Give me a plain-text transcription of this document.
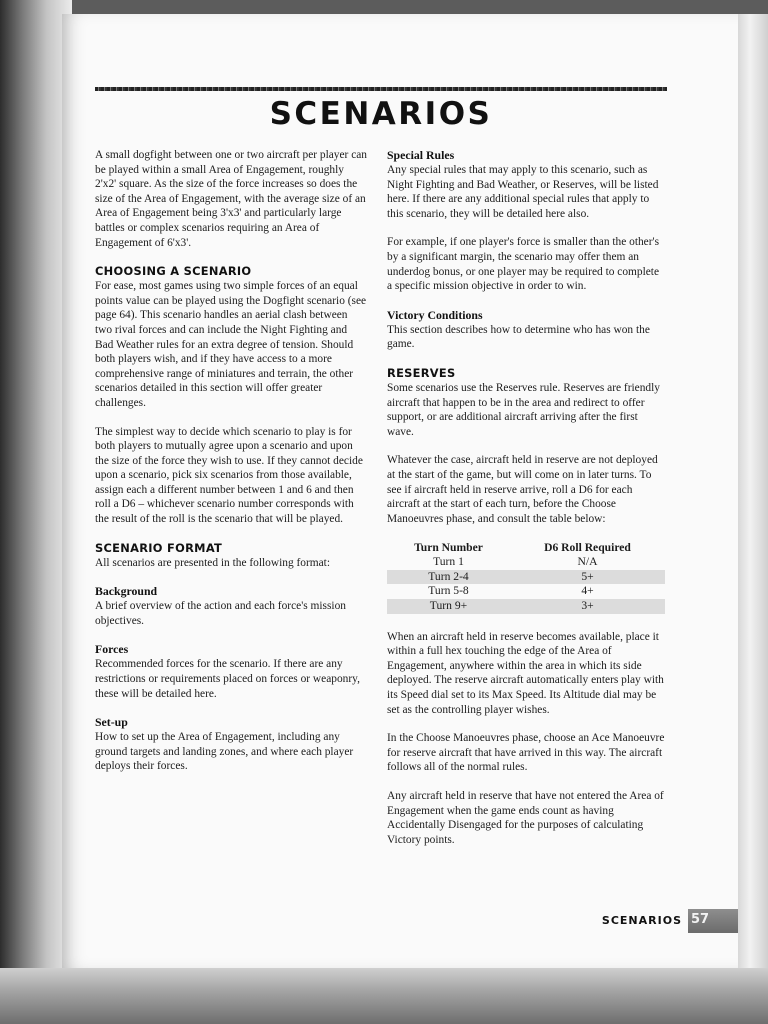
SCENARIOS

A small dogfight between one or two aircraft per player can be played within a small Area of Engagement, roughly 2'x2' square. As the size of the force increases so does the size of the Area of Engagement, with the average size of an Area of Engagement being 3'x3' and particularly large battles or complex scenarios requiring an Area of Engagement of 6'x3'.

CHOOSING A SCENARIO

For ease, most games using two simple forces of an equal points value can be played using the Dogfight scenario (see page 64). This scenario handles an aerial clash between two rival forces and can include the Night Fighting and Bad Weather rules for an extra degree of tension. Should both players wish, and if they have access to a more comprehensive range of miniatures and terrain, the other scenarios detailed in this section will offer greater challenges.

The simplest way to decide which scenario to play is for both players to mutually agree upon a scenario and upon the size of the force they wish to use. If they cannot decide upon a scenario, pick six scenarios from those available, assign each a different number between 1 and 6 and then roll a D6 – whichever scenario number corresponds with the result of the roll is the scenario that will be played.

SCENARIO FORMAT

All scenarios are presented in the following format:

Background

A brief overview of the action and each force's mission objectives.

Forces

Recommended forces for the scenario. If there are any restrictions or requirements placed on forces or weaponry, these will be detailed here.

Set-up

How to set up the Area of Engagement, including any ground targets and landing zones, and where each player deploys their forces.

Special Rules

Any special rules that may apply to this scenario, such as Night Fighting and Bad Weather, or Reserves, will be listed here. If there are any additional special rules that apply to this scenario, they will be detailed here also.

For example, if one player's force is smaller than the other's by a significant margin, the scenario may offer them an underdog bonus, or one player may be required to complete a specific mission objective in order to win.

Victory Conditions

This section describes how to determine who has won the game.

RESERVES

Some scenarios use the Reserves rule. Reserves are friendly aircraft that happen to be in the area and redirect to offer support, or are additional aircraft arriving after the first wave.

Whatever the case, aircraft held in reserve are not deployed at the start of the game, but will come on in later turns. To see if aircraft held in reserve arrive, roll a D6 for each aircraft at the start of each turn, before the Choose Manoeuvres phase, and consult the table below:

Turn Number	D6 Roll Required
Turn 1	N/A
Turn 2-4	5+
Turn 5-8	4+
Turn 9+	3+

When an aircraft held in reserve becomes available, place it within a full hex touching the edge of the Area of Engagement, anywhere within the area in which its side deployed. The reserve aircraft automatically enters play with its Speed dial set to its Max Speed. Its Altitude dial may be set as the controlling player wishes.

In the Choose Manoeuvres phase, choose an Ace Manoeuvre for reserve aircraft that have arrived in this way. The aircraft follows all of the normal rules.

Any aircraft held in reserve that have not entered the Area of Engagement when the game ends count as having Accidentally Disengaged for the purposes of calculating Victory points.

SCENARIOS 57
